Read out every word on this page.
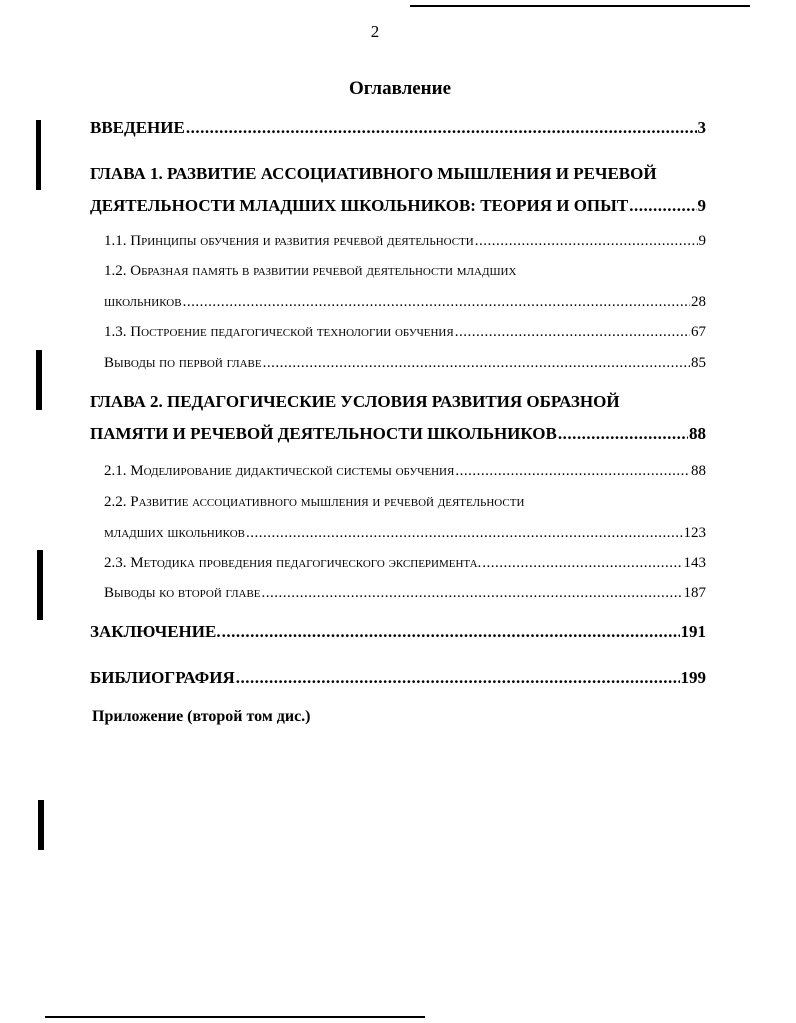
2
Оглавление
ВВЕДЕНИЕ .....	3
ГЛАВА 1. РАЗВИТИЕ АССОЦИАТИВНОГО МЫШЛЕНИЯ И РЕЧЕВОЙ
ДЕЯТЕЛЬНОСТИ МЛАДШИХ ШКОЛЬНИКОВ: ТЕОРИЯ И ОПЫТ .....	9
1.1. Принципы обучения и развития речевой деятельности .....	9
1.2. Образная память в развитии речевой деятельности младших
школьников .....	28
1.3. Построение педагогической технологии обучения .....	67
Выводы по первой главе .....	85
ГЛАВА 2. ПЕДАГОГИЧЕСКИЕ УСЛОВИЯ РАЗВИТИЯ ОБРАЗНОЙ
ПАМЯТИ И РЕЧЕВОЙ ДЕЯТЕЛЬНОСТИ ШКОЛЬНИКОВ .....	88
2.1. Моделирование дидактической системы обучения .....	88
2.2. Развитие ассоциативного мышления и речевой деятельности
младших школьников .....	123
2.3. Методика проведения педагогического эксперимента. .....	143
Выводы ко второй главе .....	187
ЗАКЛЮЧЕНИЕ. .....	191
БИБЛИОГРАФИЯ .....	199
Приложение (второй том дис.)
